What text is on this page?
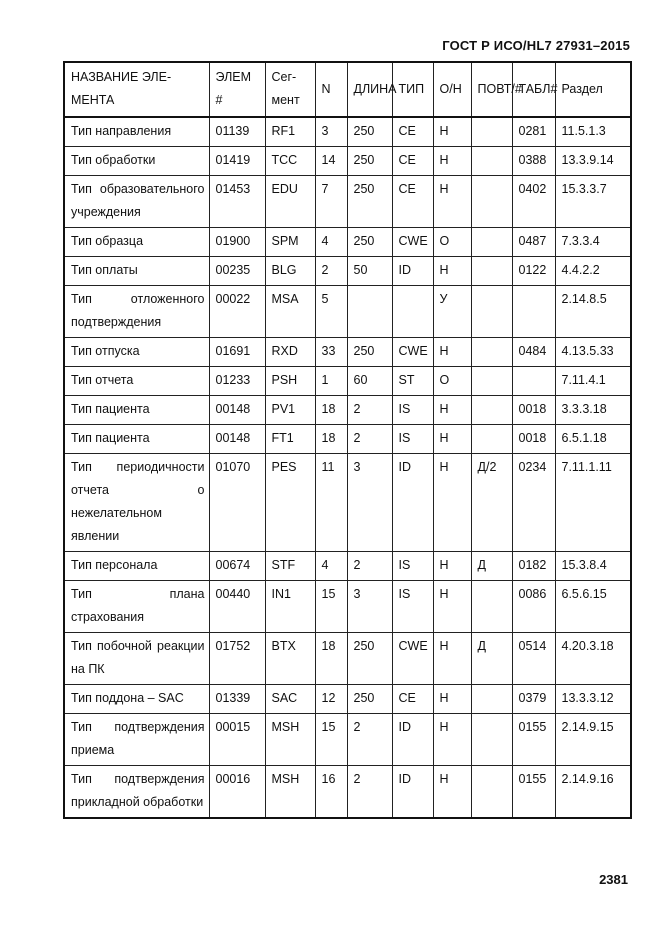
ГОСТ Р ИСО/HL7 27931–2015
НАЗВАНИЕ ЭЛЕ-МЕНТА	ЭЛЕМ #	Сег-мент	N	ДЛИНА	ТИП	О/Н	ПОВТ/#	ТАБЛ#	Раздел
Тип направления	01139	RF1	3	250	CE	Н		0281	11.5.1.3
Тип обработки	01419	TCC	14	250	CE	Н		0388	13.3.9.14
Тип образовательного учреждения	01453	EDU	7	250	CE	Н		0402	15.3.3.7
Тип образца	01900	SPM	4	250	CWE	О		0487	7.3.3.4
Тип оплаты	00235	BLG	2	50	ID	Н		0122	4.4.2.2
Тип отложенного подтверждения	00022	MSA	5			У			2.14.8.5
Тип отпуска	01691	RXD	33	250	CWE	Н		0484	4.13.5.33
Тип отчета	01233	PSH	1	60	ST	О			7.11.4.1
Тип пациента	00148	PV1	18	2	IS	Н		0018	3.3.3.18
Тип пациента	00148	FT1	18	2	IS	Н		0018	6.5.1.18
Тип периодичности отчета о нежелательном явлении	01070	PES	11	3	ID	Н	Д/2	0234	7.11.1.11
Тип персонала	00674	STF	4	2	IS	Н	Д	0182	15.3.8.4
Тип плана страхования	00440	IN1	15	3	IS	Н		0086	6.5.6.15
Тип побочной реакции на ПК	01752	BTX	18	250	CWE	Н	Д	0514	4.20.3.18
Тип поддона – SAC	01339	SAC	12	250	CE	Н		0379	13.3.3.12
Тип подтверждения приема	00015	MSH	15	2	ID	Н		0155	2.14.9.15
Тип подтверждения прикладной обработки	00016	MSH	16	2	ID	Н		0155	2.14.9.16
2381
